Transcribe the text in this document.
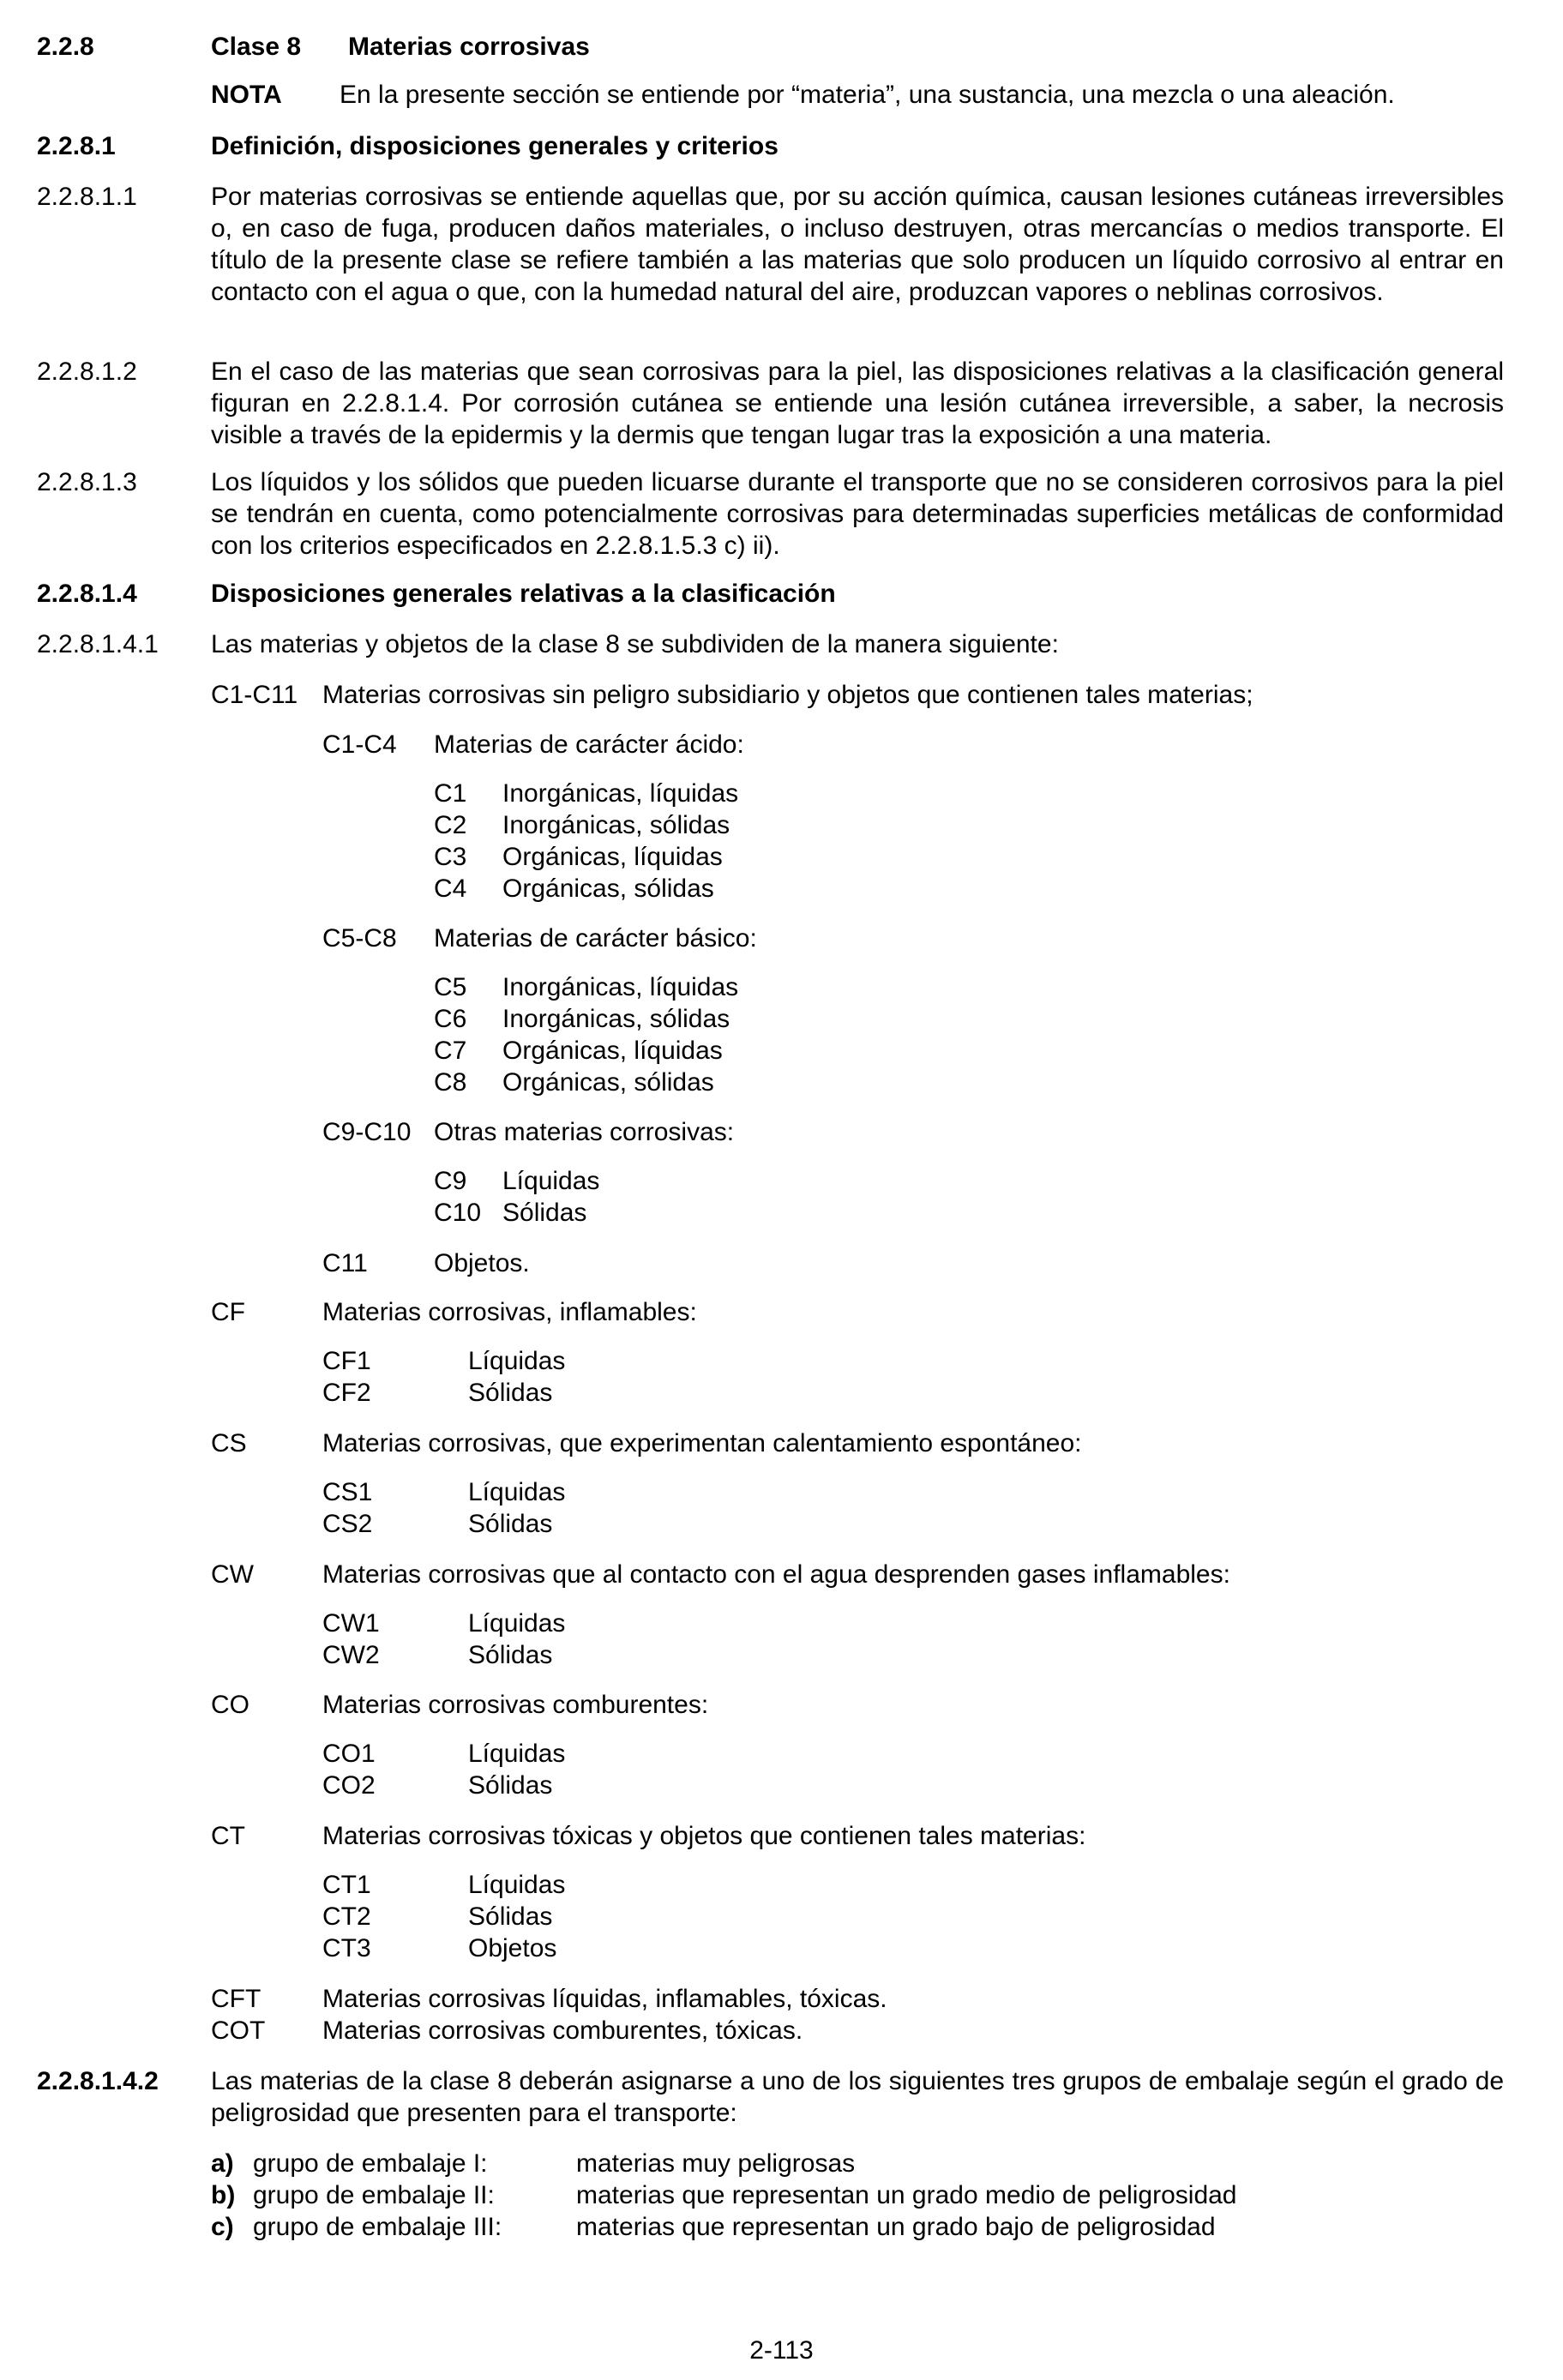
2.2.8	Clase 8 Materias corrosivas
NOTA En la presente sección se entiende por “materia”, una sustancia, una mezcla o una aleación.
2.2.8.1	Definición, disposiciones generales y criterios
2.2.8.1.1	Por materias corrosivas se entiende aquellas que, por su acción química, causan lesiones cutáneas irreversibles o, en caso de fuga, producen daños materiales, o incluso destruyen, otras mercancías o medios transporte. El título de la presente clase se refiere también a las materias que solo producen un líquido corrosivo al entrar en contacto con el agua o que, con la humedad natural del aire, produzcan vapores o neblinas corrosivos.
2.2.8.1.2	En el caso de las materias que sean corrosivas para la piel, las disposiciones relativas a la clasificación general figuran en 2.2.8.1.4. Por corrosión cutánea se entiende una lesión cutánea irreversible, a saber, la necrosis visible a través de la epidermis y la dermis que tengan lugar tras la exposición a una materia.
2.2.8.1.3	Los líquidos y los sólidos que pueden licuarse durante el transporte que no se consideren corrosivos para la piel se tendrán en cuenta, como potencialmente corrosivas para determinadas superficies metálicas de conformidad con los criterios especificados en 2.2.8.1.5.3 c) ii).
2.2.8.1.4	Disposiciones generales relativas a la clasificación
2.2.8.1.4.1 Las materias y objetos de la clase 8 se subdividen de la manera siguiente:
C1-C11 Materias corrosivas sin peligro subsidiario y objetos que contienen tales materias;
C1-C4 Materias de carácter ácido:
C1 Inorgánicas, líquidas
C2 Inorgánicas, sólidas
C3 Orgánicas, líquidas
C4 Orgánicas, sólidas
C5-C8 Materias de carácter básico:
C5 Inorgánicas, líquidas
C6 Inorgánicas, sólidas
C7 Orgánicas, líquidas
C8 Orgánicas, sólidas
C9-C10 Otras materias corrosivas:
C9 Líquidas
C10 Sólidas
C11	Objetos.
CF	Materias corrosivas, inflamables:
CF1	Líquidas
CF2	Sólidas
CS	Materias corrosivas, que experimentan calentamiento espontáneo:
CS1	Líquidas
CS2	Sólidas
CW	Materias corrosivas que al contacto con el agua desprenden gases inflamables:
CW1	Líquidas
CW2	Sólidas
CO	Materias corrosivas comburentes:
CO1	Líquidas
CO2	Sólidas
CT	Materias corrosivas tóxicas y objetos que contienen tales materias:
CT1	Líquidas
CT2	Sólidas
CT3	Objetos
CFT Materias corrosivas líquidas, inflamables, tóxicas.
COT Materias corrosivas comburentes, tóxicas.
2.2.8.1.4.2 Las materias de la clase 8 deberán asignarse a uno de los siguientes tres grupos de embalaje según el grado de peligrosidad que presenten para el transporte:
a) grupo de embalaje I:	materias muy peligrosas
b) grupo de embalaje II:	materias que representan un grado medio de peligrosidad
c) grupo de embalaje III:	materias que representan un grado bajo de peligrosidad
2-113
